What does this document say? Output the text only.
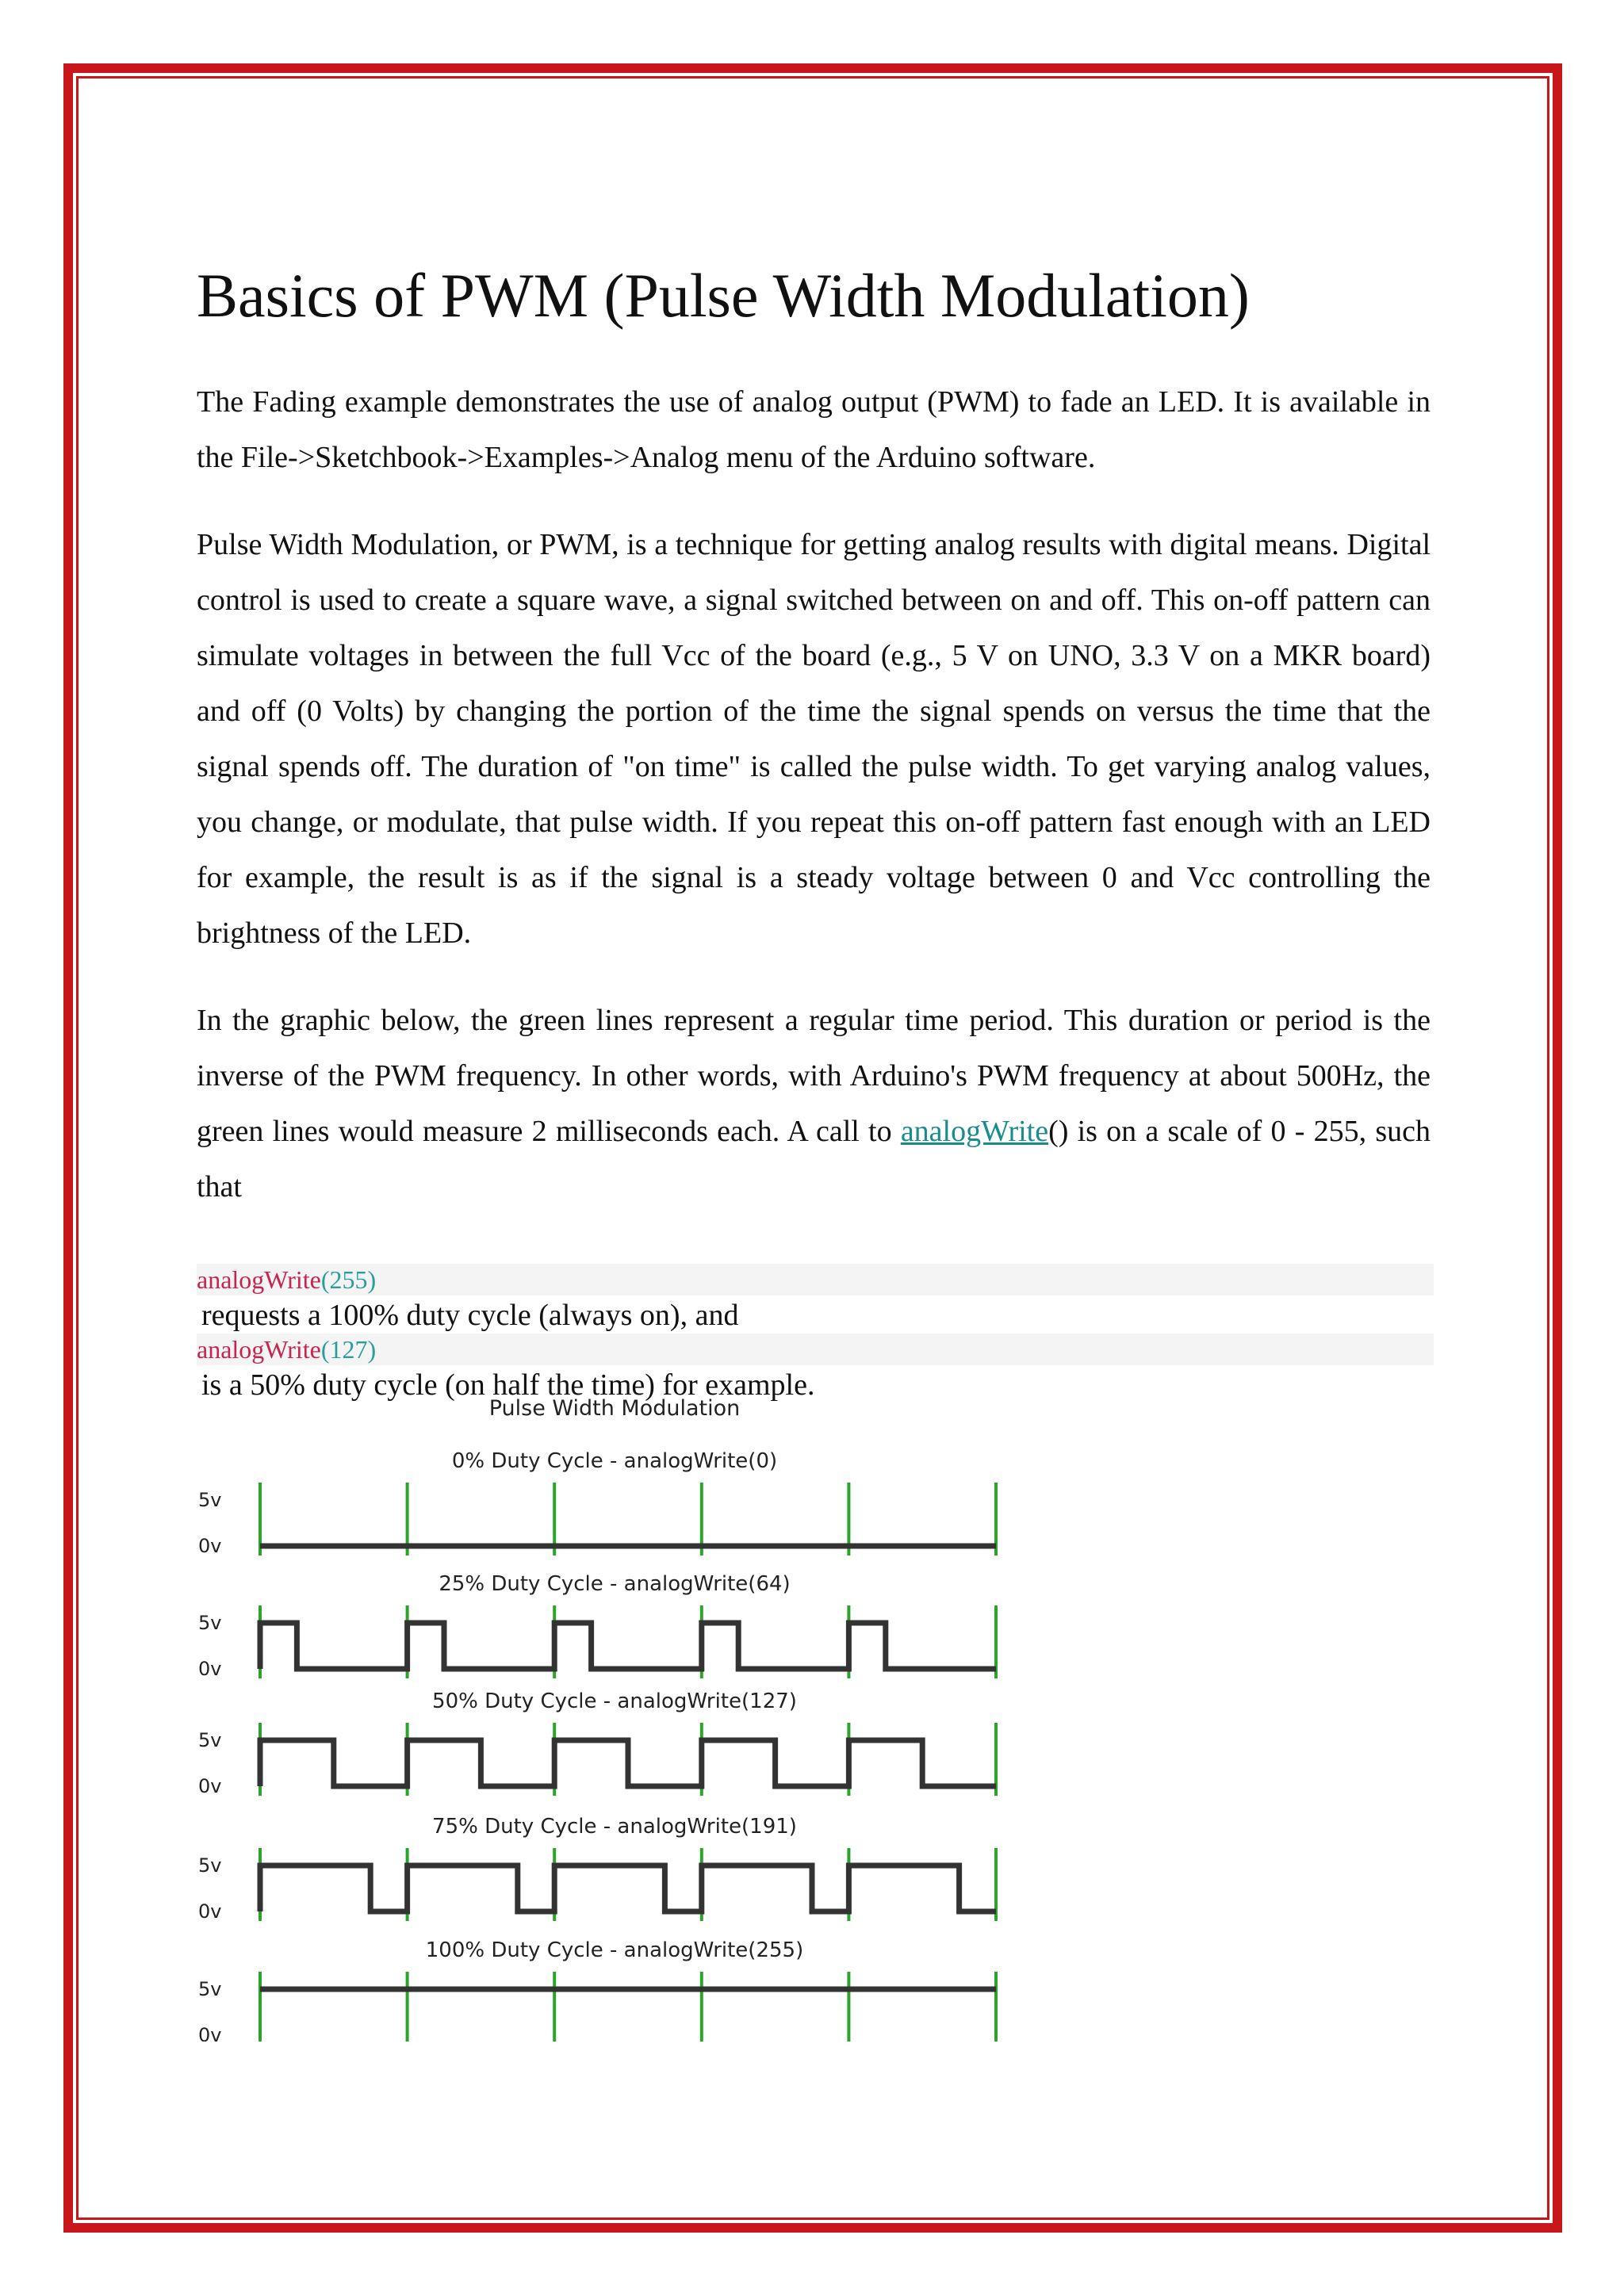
Basics of PWM (Pulse Width Modulation)

The Fading example demonstrates the use of analog output (PWM) to fade an LED. It is available in the File->Sketchbook->Examples->Analog menu of the Arduino software.

Pulse Width Modulation, or PWM, is a technique for getting analog results with digital means. Digital control is used to create a square wave, a signal switched between on and off. This on-off pattern can simulate voltages in between the full Vcc of the board (e.g., 5 V on UNO, 3.3 V on a MKR board) and off (0 Volts) by changing the portion of the time the signal spends on versus the time that the signal spends off. The duration of "on time" is called the pulse width. To get varying analog values, you change, or modulate, that pulse width. If you repeat this on-off pattern fast enough with an LED for example, the result is as if the signal is a steady voltage between 0 and Vcc controlling the brightness of the LED.

In the graphic below, the green lines represent a regular time period. This duration or period is the inverse of the PWM frequency. In other words, with Arduino's PWM frequency at about 500Hz, the green lines would measure 2 milliseconds each. A call to analogWrite() is on a scale of 0 - 255, such that

analogWrite(255)
requests a 100% duty cycle (always on), and
analogWrite(127)
is a 50% duty cycle (on half the time) for example.
Pulse Width Modulation
0% Duty Cycle - analogWrite(0)
5v
0v
25% Duty Cycle - analogWrite(64)
5v
0v
50% Duty Cycle - analogWrite(127)
5v
0v
75% Duty Cycle - analogWrite(191)
5v
0v
100% Duty Cycle - analogWrite(255)
5v
0v
